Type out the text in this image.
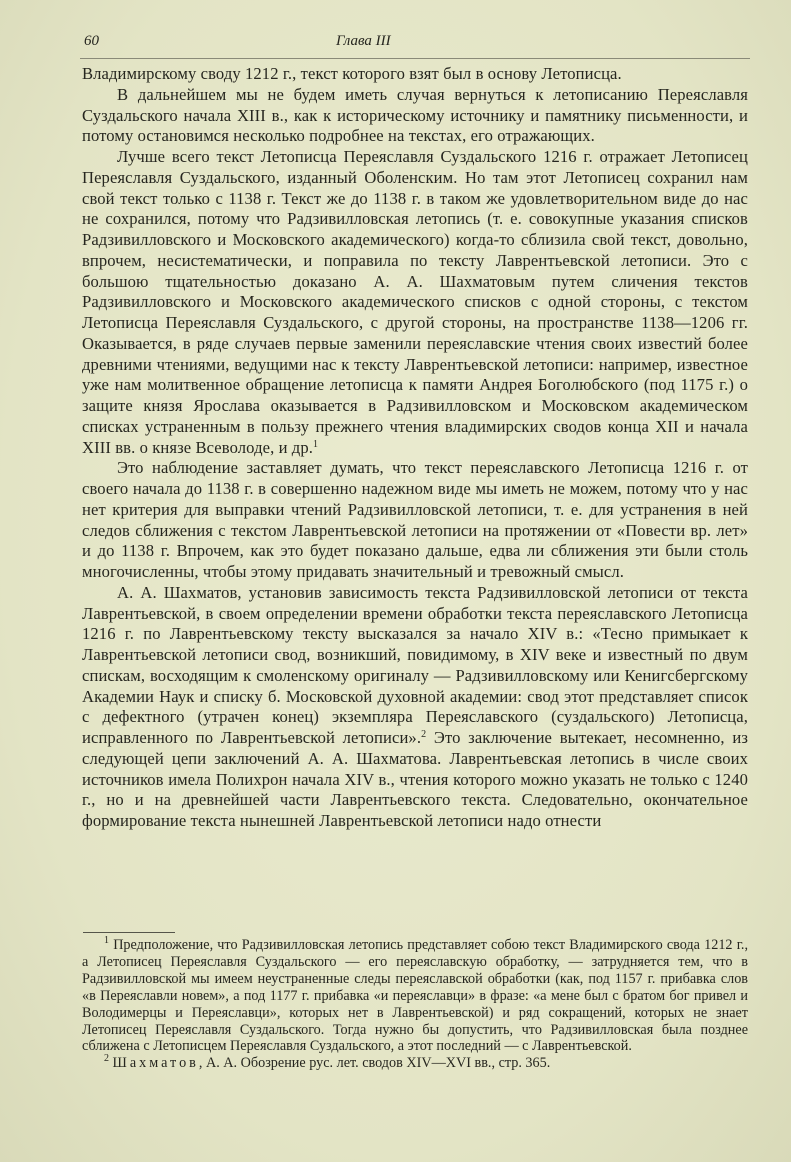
60	Глава III

Владимирскому своду 1212 г., текст которого взят был в основу Летописца.

В дальнейшем мы не будем иметь случая вернуться к летописанию Переяславля Суздальского начала XIII в., как к историческому источнику и памятнику письменности, и потому остановимся несколько подробнее на текстах, его отражающих.

Лучше всего текст Летописца Переяславля Суздальского 1216 г. отражает Летописец Переяславля Суздальского, изданный Оболенским. Но там этот Летописец сохранил нам свой текст только с 1138 г. Текст же до 1138 г. в таком же удовлетворительном виде до нас не сохранился, потому что Радзивилловская летопись (т. е. совокупные указания списков Радзивилловского и Московского академического) когда-то сблизила свой текст, довольно, впрочем, несистематически, и поправила по тексту Лаврентьевской летописи. Это с большою тщательностью доказано А. А. Шахматовым путем сличения текстов Радзивилловского и Московского академического списков с одной стороны, с текстом Летописца Переяславля Суздальского, с другой стороны, на пространстве 1138—1206 гг. Оказывается, в ряде случаев первые заменили переяславские чтения своих известий более древними чтениями, ведущими нас к тексту Лаврентьевской летописи: например, известное уже нам молитвенное обращение летописца к памяти Андрея Боголюбского (под 1175 г.) о защите князя Ярослава оказывается в Радзивилловском и Московском академическом списках устраненным в пользу прежнего чтения владимирских сводов конца XII и начала XIII вв. о князе Всеволоде, и др.$^1$

Это наблюдение заставляет думать, что текст переяславского Летописца 1216 г. от своего начала до 1138 г. в совершенно надежном виде мы иметь не можем, потому что у нас нет критерия для выправки чтений Радзивилловской летописи, т. е. для устранения в ней следов сближения с текстом Лаврентьевской летописи на протяжении от «Повести вр. лет» и до 1138 г. Впрочем, как это будет показано дальше, едва ли сближения эти были столь многочисленны, чтобы этому придавать значительный и тревожный смысл.

А. А. Шахматов, установив зависимость текста Радзивилловской летописи от текста Лаврентьевской, в своем определении времени обработки текста переяславского Летописца 1216 г. по Лаврентьевскому тексту высказался за начало XIV в.: «Тесно примыкает к Лаврентьевской летописи свод, возникший, повидимому, в XIV веке и известный по двум спискам, восходящим к смоленскому оригиналу — Радзивилловскому или Кенигсбергскому Академии Наук и списку б. Московской духовной академии: свод этот представляет список с дефектного (утрачен конец) экземпляра Переяславского (суздальского) Летописца, исправленного по Лаврентьевской летописи».$^2$ Это заключение вытекает, несомненно, из следующей цепи заключений А. А. Шахматова. Лаврентьевская летопись в числе своих источников имела Полихрон начала XIV в., чтения которого можно указать не только с 1240 г., но и на древнейшей части Лаврентьевского текста. Следовательно, окончательное формирование текста нынешней Лаврентьевской летописи надо отнести

$^1$ Предположение, что Радзивилловская летопись представляет собою текст Владимирского свода 1212 г., а Летописец Переяславля Суздальского — его переяславскую обработку, — затрудняется тем, что в Радзивилловской мы имеем неустраненные следы переяславской обработки (как, под 1157 г. прибавка слов «в Переяславли новем», а под 1177 г. прибавка «и переяславци» в фразе: «а мене был с братом бог привел и Володимерцы и Переяславци», которых нет в Лаврентьевской) и ряд сокращений, которых не знает Летописец Переяславля Суздальского. Тогда нужно бы допустить, что Радзивилловская была позднее сближена с Летописцем Переяславля Суздальского, а этот последний — с Лаврентьевской.

$^2$ Шахматов, А. А. Обозрение рус. лет. сводов XIV—XVI вв., стр. 365.
